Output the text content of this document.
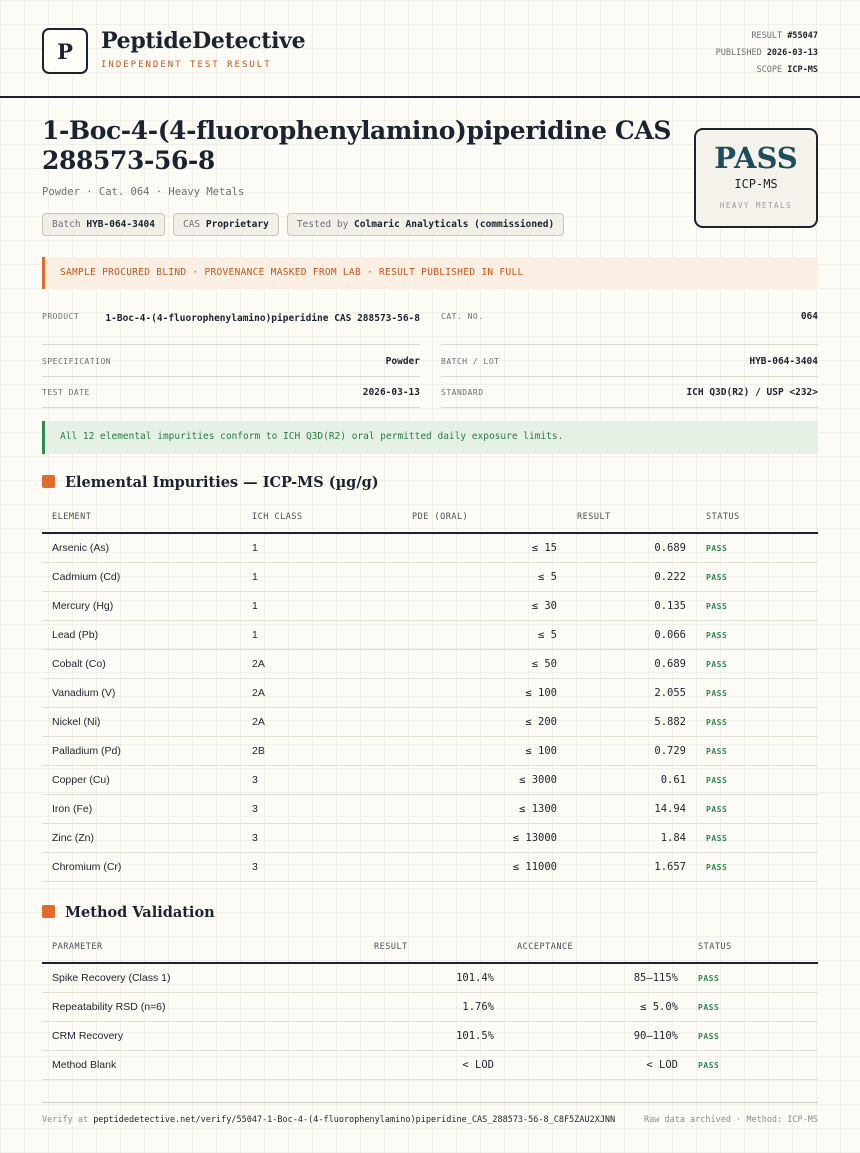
P	PeptideDetective
INDEPENDENT TEST RESULT
RESULT #55047
PUBLISHED 2026-03-13
SCOPE ICP-MS
1-Boc-4-(4-fluorophenylamino)piperidine CAS 288573-56-8
Powder · Cat. 064 · Heavy Metals
Batch HYB-064-3404	CAS Proprietary	Tested by Colmaric Analyticals (commissioned)
PASS
ICP-MS
HEAVY METALS
SAMPLE PROCURED BLIND · PROVENANCE MASKED FROM LAB · RESULT PUBLISHED IN FULL
PRODUCT	1-Boc-4-(4-fluorophenylamino)piperidine CAS 288573-56-8	CAT. NO.	064
SPECIFICATION	Powder	BATCH / LOT	HYB-064-3404
TEST DATE	2026-03-13	STANDARD	ICH Q3D(R2) / USP <232>
All 12 elemental impurities conform to ICH Q3D(R2) oral permitted daily exposure limits.
Elemental Impurities — ICP-MS (µg/g)
ELEMENT	ICH CLASS	PDE (ORAL)	RESULT	STATUS
Arsenic (As)	1	≤ 15	0.689	PASS
Cadmium (Cd)	1	≤ 5	0.222	PASS
Mercury (Hg)	1	≤ 30	0.135	PASS
Lead (Pb)	1	≤ 5	0.066	PASS
Cobalt (Co)	2A	≤ 50	0.689	PASS
Vanadium (V)	2A	≤ 100	2.055	PASS
Nickel (Ni)	2A	≤ 200	5.882	PASS
Palladium (Pd)	2B	≤ 100	0.729	PASS
Copper (Cu)	3	≤ 3000	0.61	PASS
Iron (Fe)	3	≤ 1300	14.94	PASS
Zinc (Zn)	3	≤ 13000	1.84	PASS
Chromium (Cr)	3	≤ 11000	1.657	PASS
Method Validation
PARAMETER	RESULT	ACCEPTANCE	STATUS
Spike Recovery (Class 1)	101.4%	85–115%	PASS
Repeatability RSD (n=6)	1.76%	≤ 5.0%	PASS
CRM Recovery	101.5%	90–110%	PASS
Method Blank	< LOD	< LOD	PASS
Verify at peptidedetective.net/verify/55047-1-Boc-4-(4-fluorophenylamino)piperidine_CAS_288573-56-8_C8F5ZAU2XJNN	Raw data archived · Method: ICP-MS
